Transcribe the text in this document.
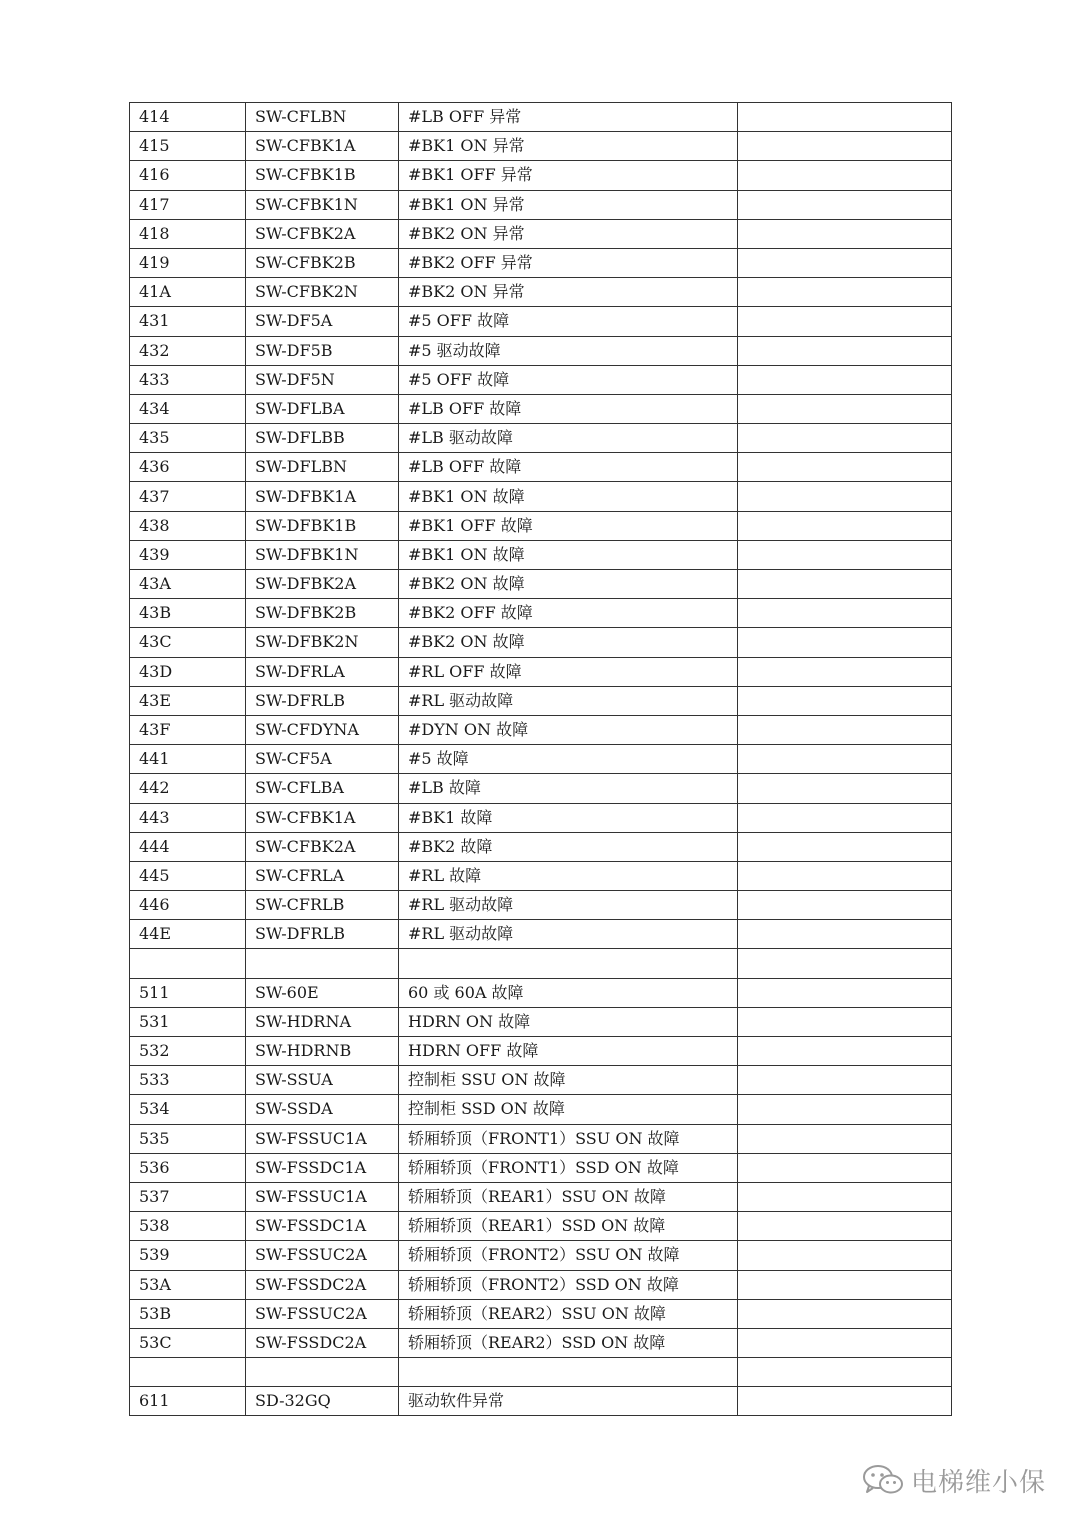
414	SW-CFLBN	#LB OFF 异常	
415	SW-CFBK1A	#BK1 ON 异常	
416	SW-CFBK1B	#BK1 OFF 异常	
417	SW-CFBK1N	#BK1 ON 异常	
418	SW-CFBK2A	#BK2 ON 异常	
419	SW-CFBK2B	#BK2 OFF 异常	
41A	SW-CFBK2N	#BK2 ON 异常	
431	SW-DF5A	#5 OFF 故障	
432	SW-DF5B	#5 驱动故障	
433	SW-DF5N	#5 OFF 故障	
434	SW-DFLBA	#LB OFF 故障	
435	SW-DFLBB	#LB 驱动故障	
436	SW-DFLBN	#LB OFF 故障	
437	SW-DFBK1A	#BK1 ON 故障	
438	SW-DFBK1B	#BK1 OFF 故障	
439	SW-DFBK1N	#BK1 ON 故障	
43A	SW-DFBK2A	#BK2 ON 故障	
43B	SW-DFBK2B	#BK2 OFF 故障	
43C	SW-DFBK2N	#BK2 ON 故障	
43D	SW-DFRLA	#RL OFF 故障	
43E	SW-DFRLB	#RL 驱动故障	
43F	SW-CFDYNA	#DYN ON 故障	
441	SW-CF5A	#5 故障	
442	SW-CFLBA	#LB 故障	
443	SW-CFBK1A	#BK1 故障	
444	SW-CFBK2A	#BK2 故障	
445	SW-CFRLA	#RL 故障	
446	SW-CFRLB	#RL 驱动故障	
44E	SW-DFRLB	#RL 驱动故障	

511	SW-60E	60 或 60A 故障	
531	SW-HDRNA	HDRN ON 故障	
532	SW-HDRNB	HDRN OFF 故障	
533	SW-SSUA	控制柜 SSU ON 故障	
534	SW-SSDA	控制柜 SSD ON 故障	
535	SW-FSSUC1A	轿厢轿顶（FRONT1）SSU ON 故障	
536	SW-FSSDC1A	轿厢轿顶（FRONT1）SSD ON 故障	
537	SW-FSSUC1A	轿厢轿顶（REAR1）SSU ON 故障	
538	SW-FSSDC1A	轿厢轿顶（REAR1）SSD ON 故障	
539	SW-FSSUC2A	轿厢轿顶（FRONT2）SSU ON 故障	
53A	SW-FSSDC2A	轿厢轿顶（FRONT2）SSD ON 故障	
53B	SW-FSSUC2A	轿厢轿顶（REAR2）SSU ON 故障	
53C	SW-FSSDC2A	轿厢轿顶（REAR2）SSD ON 故障	

611	SD-32GQ	驱动软件异常	
电梯维小保
